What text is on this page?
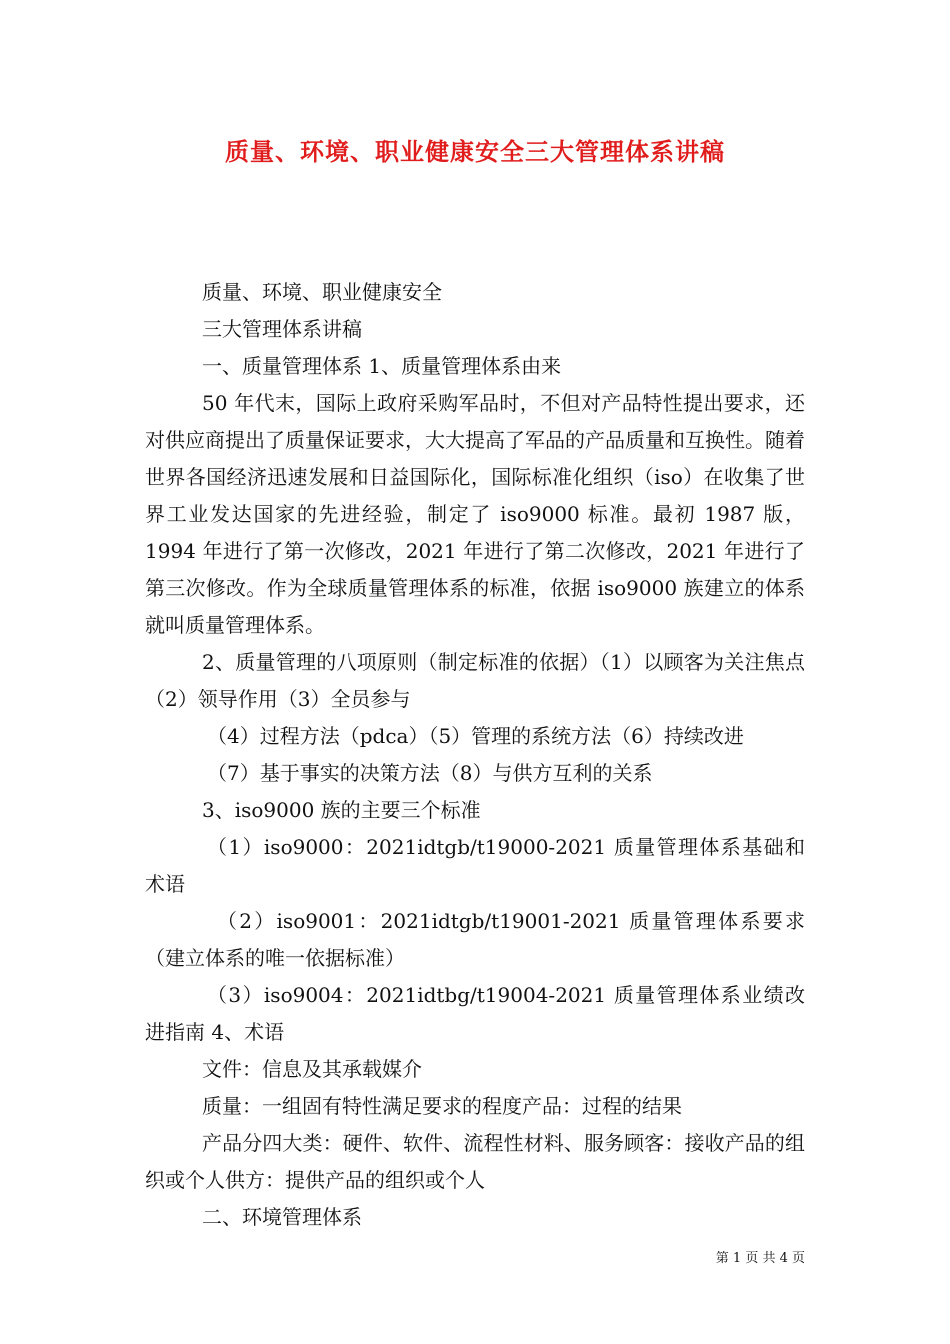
质量、环境、职业健康安全三大管理体系讲稿

质量、环境、职业健康安全

三大管理体系讲稿

一、质量管理体系 1、质量管理体系由来

50 年代末，国际上政府采购军品时，不但对产品特性提出要求，还对供应商提出了质量保证要求，大大提高了军品的产品质量和互换性。随着世界各国经济迅速发展和日益国际化，国际标准化组织（iso）在收集了世界工业发达国家的先进经验，制定了 iso9000 标准。最初 1987 版，1994 年进行了第一次修改，2021 年进行了第二次修改，2021 年进行了第三次修改。作为全球质量管理体系的标准，依据 iso9000 族建立的体系就叫质量管理体系。

2、质量管理的八项原则（制定标准的依据）（1）以顾客为关注焦点（2）领导作用（3）全员参与

（4）过程方法（pdca）（5）管理的系统方法（6）持续改进

（7）基于事实的决策方法（8）与供方互利的关系

3、iso9000 族的主要三个标准

（1）iso9000：2021idtgb/t19000-2021 质量管理体系基础和术语

（2）iso9001：2021idtgb/t19001-2021 质量管理体系要求（建立体系的唯一依据标准）

（3）iso9004：2021idtbg/t19004-2021 质量管理体系业绩改进指南 4、术语

文件：信息及其承载媒介

质量：一组固有特性满足要求的程度产品：过程的结果

产品分四大类：硬件、软件、流程性材料、服务顾客：接收产品的组织或个人供方：提供产品的组织或个人

二、环境管理体系

第 1 页 共 4 页
